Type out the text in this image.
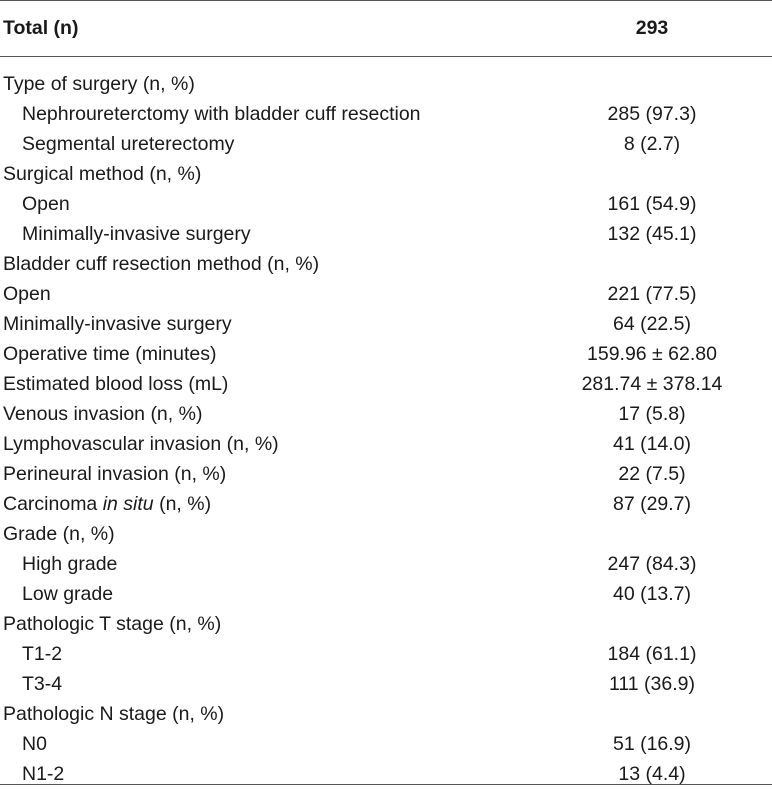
Total (n)	293
Type of surgery (n, %)
Nephroureterctomy with bladder cuff resection	285 (97.3)
Segmental ureterectomy	8 (2.7)
Surgical method (n, %)
Open	161 (54.9)
Minimally-invasive surgery	132 (45.1)
Bladder cuff resection method (n, %)
Open	221 (77.5)
Minimally-invasive surgery	64 (22.5)
Operative time (minutes)	159.96 ± 62.80
Estimated blood loss (mL)	281.74 ± 378.14
Venous invasion (n, %)	17 (5.8)
Lymphovascular invasion (n, %)	41 (14.0)
Perineural invasion (n, %)	22 (7.5)
Carcinoma in situ (n, %)	87 (29.7)
Grade (n, %)
High grade	247 (84.3)
Low grade	40 (13.7)
Pathologic T stage (n, %)
T1-2	184 (61.1)
T3-4	111 (36.9)
Pathologic N stage (n, %)
N0	51 (16.9)
N1-2	13 (4.4)
